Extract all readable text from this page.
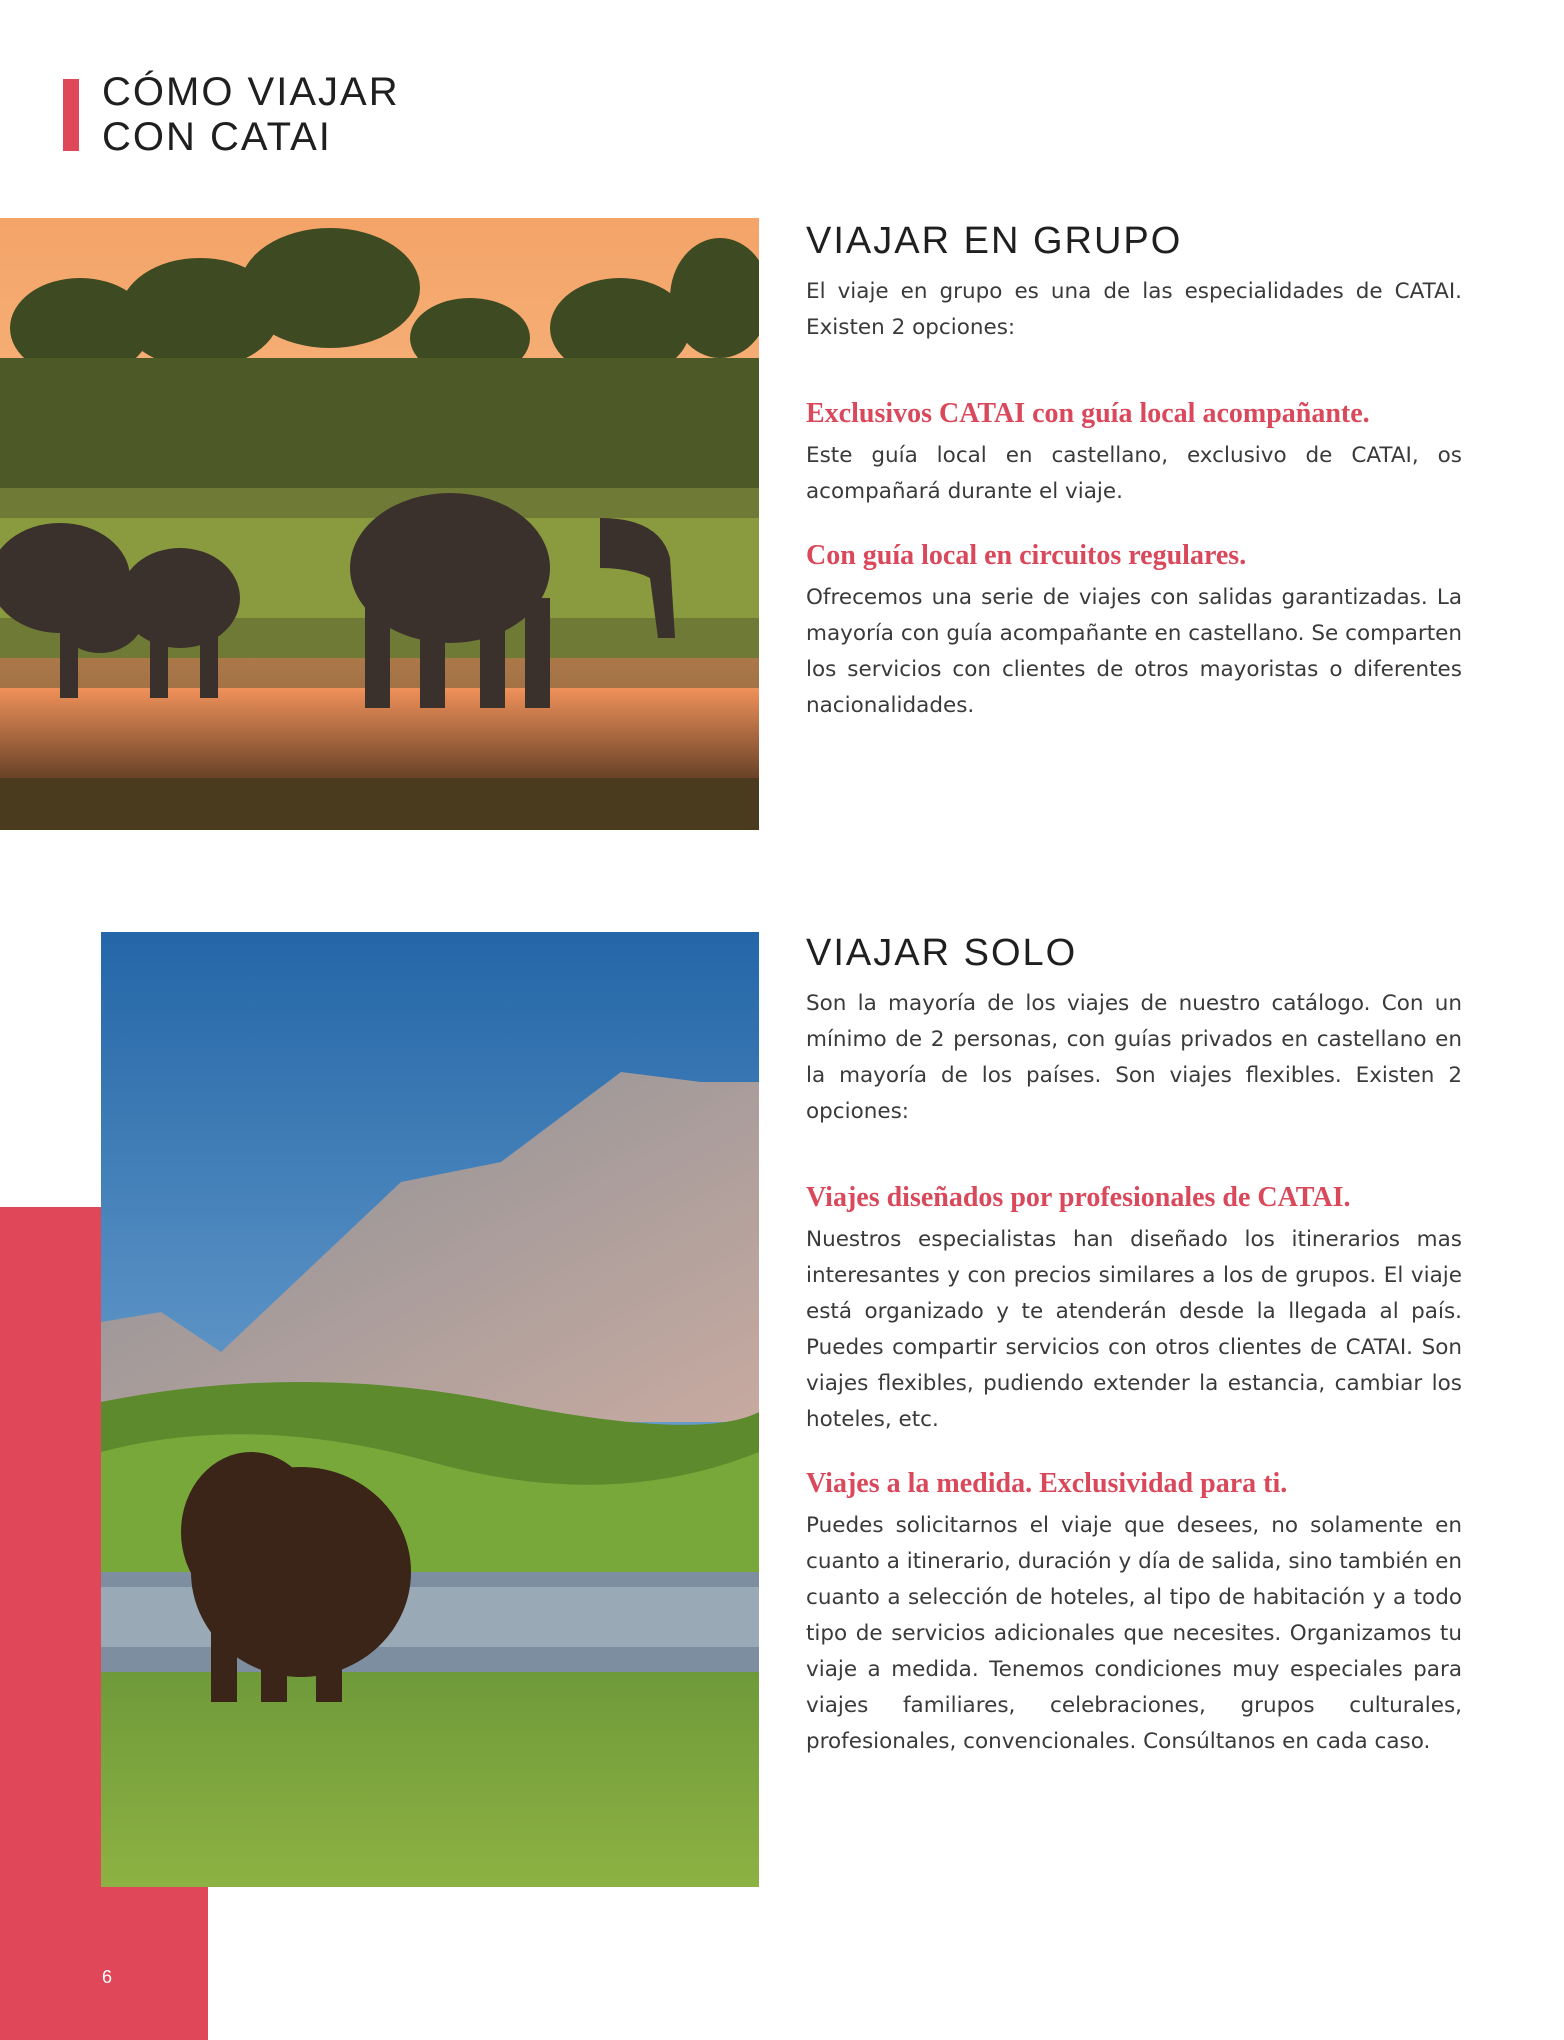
CÓMO VIAJAR
CON CATAI
VIAJAR EN GRUPO

El viaje en grupo es una de las especialidades de CATAI. Existen 2 opciones:

Exclusivos CATAI con guía local acompañante.

Este guía local en castellano, exclusivo de CATAI, os acompañará durante el viaje.

Con guía local en circuitos regulares.

Ofrecemos una serie de viajes con salidas garantizadas. La mayoría con guía acompañante en castellano. Se comparten los servicios con clientes de otros mayoristas o diferentes nacionalidades.

VIAJAR SOLO

Son la mayoría de los viajes de nuestro catálogo. Con un mínimo de 2 personas, con guías privados en castellano en la mayoría de los países. Son viajes flexibles. Existen 2 opciones:

Viajes diseñados por profesionales de CATAI.

Nuestros especialistas han diseñado los itinerarios mas interesantes y con precios similares a los de grupos. El viaje está organizado y te atenderán desde la llegada al país. Puedes compartir servicios con otros clientes de CATAI. Son viajes flexibles, pudiendo extender la estancia, cambiar los hoteles, etc.

Viajes a la medida. Exclusividad para ti.

Puedes solicitarnos el viaje que desees, no solamente en cuanto a itinerario, duración y día de salida, sino también en cuanto a selección de hoteles, al tipo de habitación y a todo tipo de servicios adicionales que necesites. Organizamos tu viaje a medida. Tenemos condiciones muy especiales para viajes familiares, celebraciones, grupos culturales, profesionales, convencionales. Consúltanos en cada caso.

6
